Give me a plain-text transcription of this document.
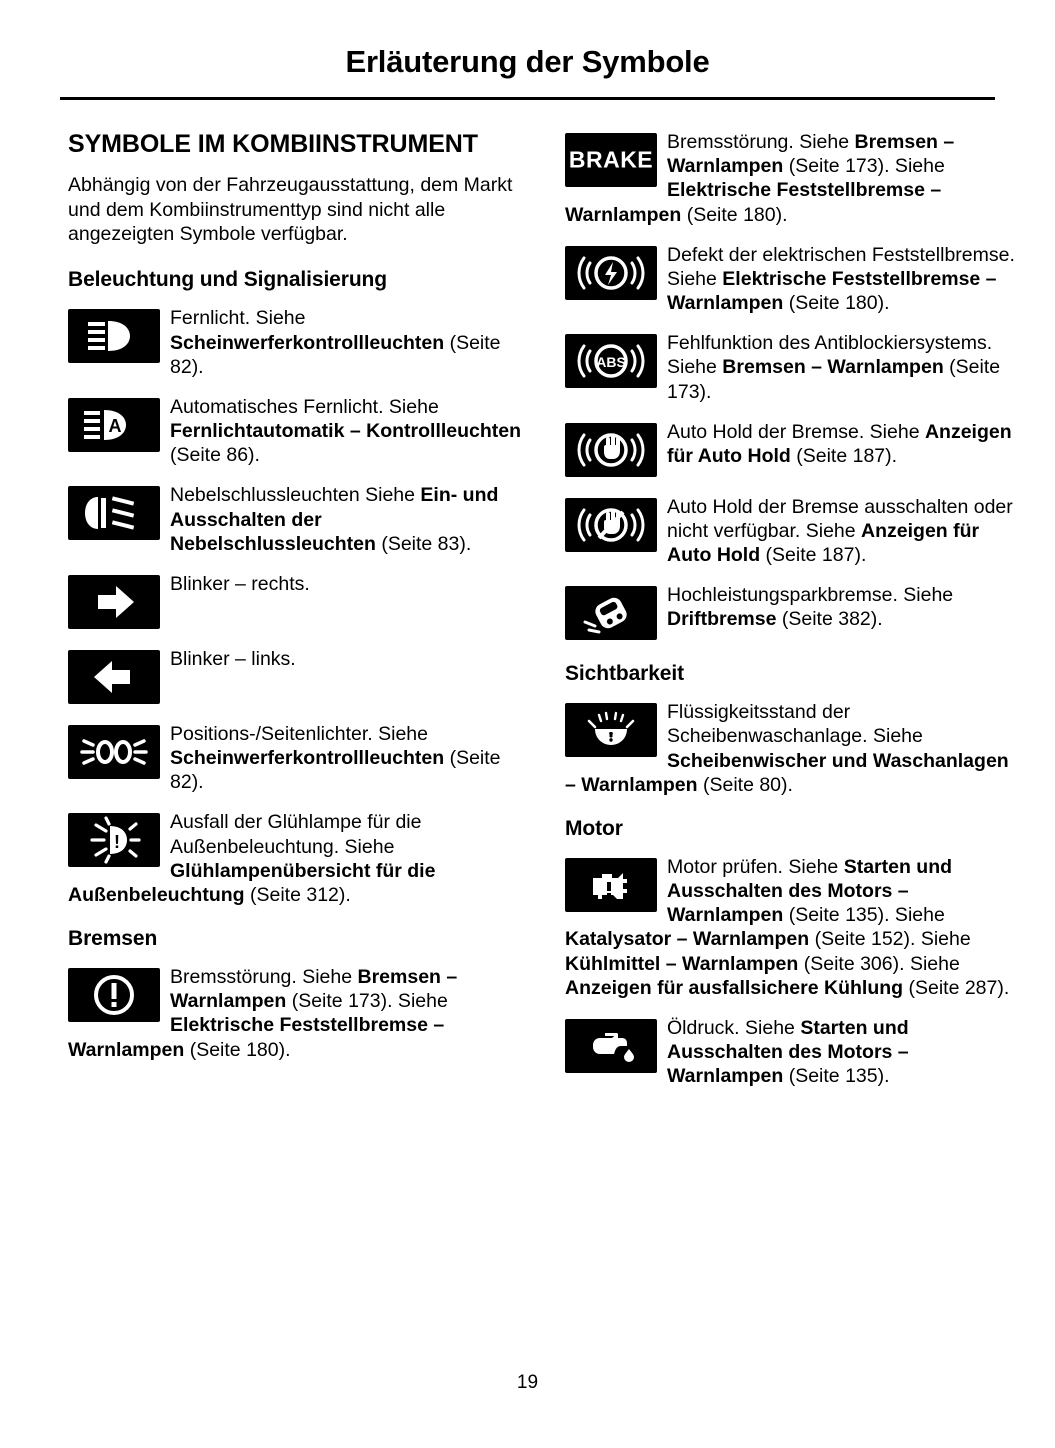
Erläuterung der Symbole
SYMBOLE IM KOMBIINSTRUMENT

Abhängig von der Fahrzeugausstattung, dem Markt und dem Kombiinstrumenttyp sind nicht alle angezeigten Symbole verfügbar.

Beleuchtung und Signalisierung
Fernlicht. Siehe Scheinwerferkontrollleuchten (Seite 82).
A
Automatisches Fernlicht. Siehe Fernlichtautomatik – Kontrollleuchten (Seite 86).
Nebelschlussleuchten Siehe Ein- und Ausschalten der Nebelschlussleuchten (Seite 83).
Blinker – rechts.
Blinker – links.
Positions-/Seitenlichter. Siehe Scheinwerferkontrollleuchten (Seite 82).
!
Ausfall der Glühlampe für die Außenbeleuchtung. Siehe Glühlampenübersicht für die Außenbeleuchtung (Seite 312).
Bremsen
Bremsstörung. Siehe Bremsen – Warnlampen (Seite 173). Siehe Elektrische Feststellbremse – Warnlampen (Seite 180).
BRAKE
Bremsstörung. Siehe Bremsen – Warnlampen (Seite 173). Siehe Elektrische Feststellbremse – Warnlampen (Seite 180).
Defekt der elektrischen Feststellbremse. Siehe Elektrische Feststellbremse – Warnlampen (Seite 180).
ABS
Fehlfunktion des Antiblockiersystems. Siehe Bremsen – Warnlampen (Seite 173).
Auto Hold der Bremse. Siehe Anzeigen für Auto Hold (Seite 187).
Auto Hold der Bremse ausschalten oder nicht verfügbar. Siehe Anzeigen für Auto Hold (Seite 187).
Hochleistungsparkbremse. Siehe Driftbremse (Seite 382).
Sichtbarkeit
Flüssigkeitsstand der Scheibenwaschanlage. Siehe Scheibenwischer und Waschanlagen – Warnlampen (Seite 80).
Motor
Motor prüfen. Siehe Starten und Ausschalten des Motors – Warnlampen (Seite 135). Siehe Katalysator – Warnlampen (Seite 152). Siehe Kühlmittel – Warnlampen (Seite 306). Siehe Anzeigen für ausfallsichere Kühlung (Seite 287).
Öldruck. Siehe Starten und Ausschalten des Motors – Warnlampen (Seite 135).
19
